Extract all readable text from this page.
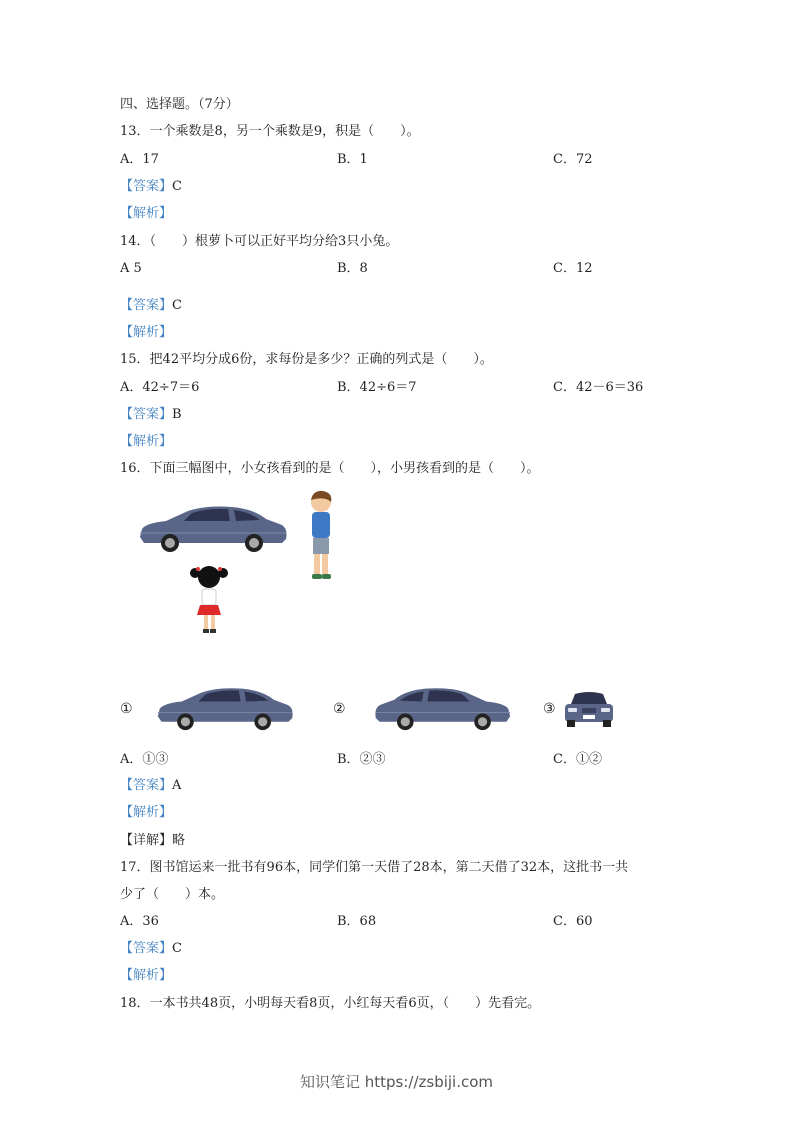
四、选择题。（7分）
13．一个乘数是8，另一个乘数是9，积是（　　）。
A．17	B．1	C．72
【答案】C
【解析】
14．（　　）根萝卜可以正好平均分给3只小兔。
A 5	B．8	C．12
【答案】C
【解析】
15．把42平均分成6份，求每份是多少？正确的列式是（　　）。
A．42÷7＝6	B．42÷6＝7	C．42－6＝36
【答案】B
【解析】
16．下面三幅图中，小女孩看到的是（　　），小男孩看到的是（　　）。
①	②	③
A．①③	B．②③	C．①②
【答案】A
【解析】
【详解】略
17．图书馆运来一批书有96本，同学们第一天借了28本，第二天借了32本，这批书一共
少了（　　）本。
A．36	B．68	C．60
【答案】C
【解析】
18．一本书共48页，小明每天看8页，小红每天看6页，（　　）先看完。
知识笔记 https://zsbiji.com
